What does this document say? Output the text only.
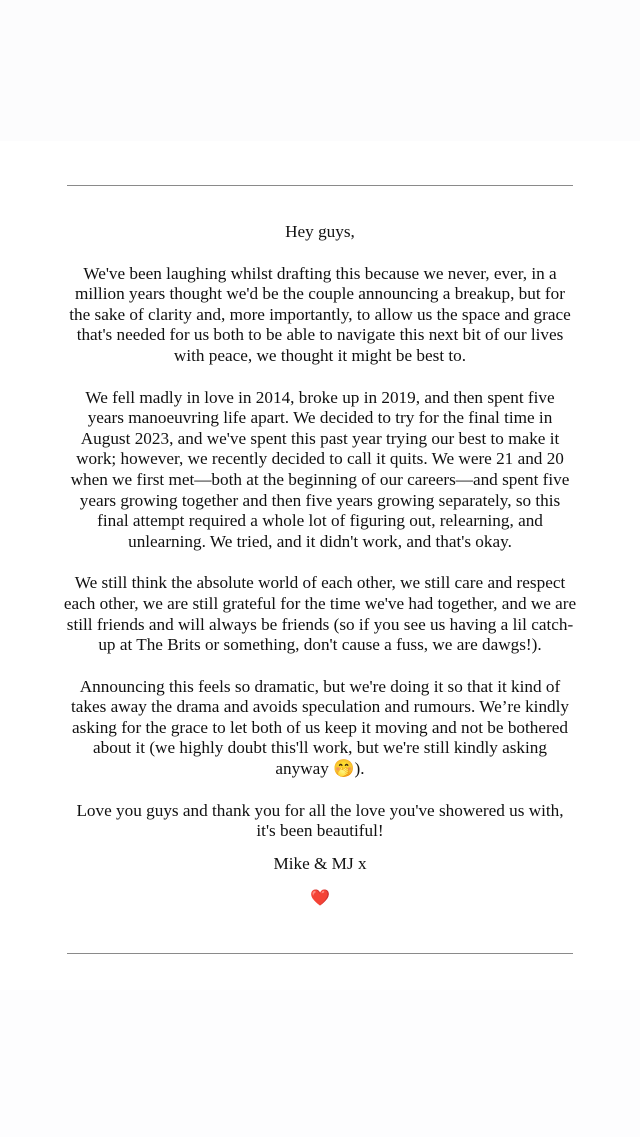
Hey guys,

We've been laughing whilst drafting this because we never, ever, in a million years thought we'd be the couple announcing a breakup, but for the sake of clarity and, more importantly, to allow us the space and grace that's needed for us both to be able to navigate this next bit of our lives with peace, we thought it might be best to.

We fell madly in love in 2014, broke up in 2019, and then spent five years manoeuvring life apart. We decided to try for the final time in August 2023, and we've spent this past year trying our best to make it work; however, we recently decided to call it quits. We were 21 and 20 when we first met—both at the beginning of our careers—and spent five years growing together and then five years growing separately, so this final attempt required a whole lot of figuring out, relearning, and unlearning. We tried, and it didn't work, and that's okay.

We still think the absolute world of each other, we still care and respect each other, we are still grateful for the time we've had together, and we are still friends and will always be friends (so if you see us having a lil catch-up at The Brits or something, don't cause a fuss, we are dawgs!).

Announcing this feels so dramatic, but we're doing it so that it kind of takes away the drama and avoids speculation and rumours. We’re kindly asking for the grace to let both of us keep it moving and not be bothered about it (we highly doubt this'll work, but we're still kindly asking anyway 🤭).

Love you guys and thank you for all the love you've showered us with, it's been beautiful!

Mike & MJ x

❤️
